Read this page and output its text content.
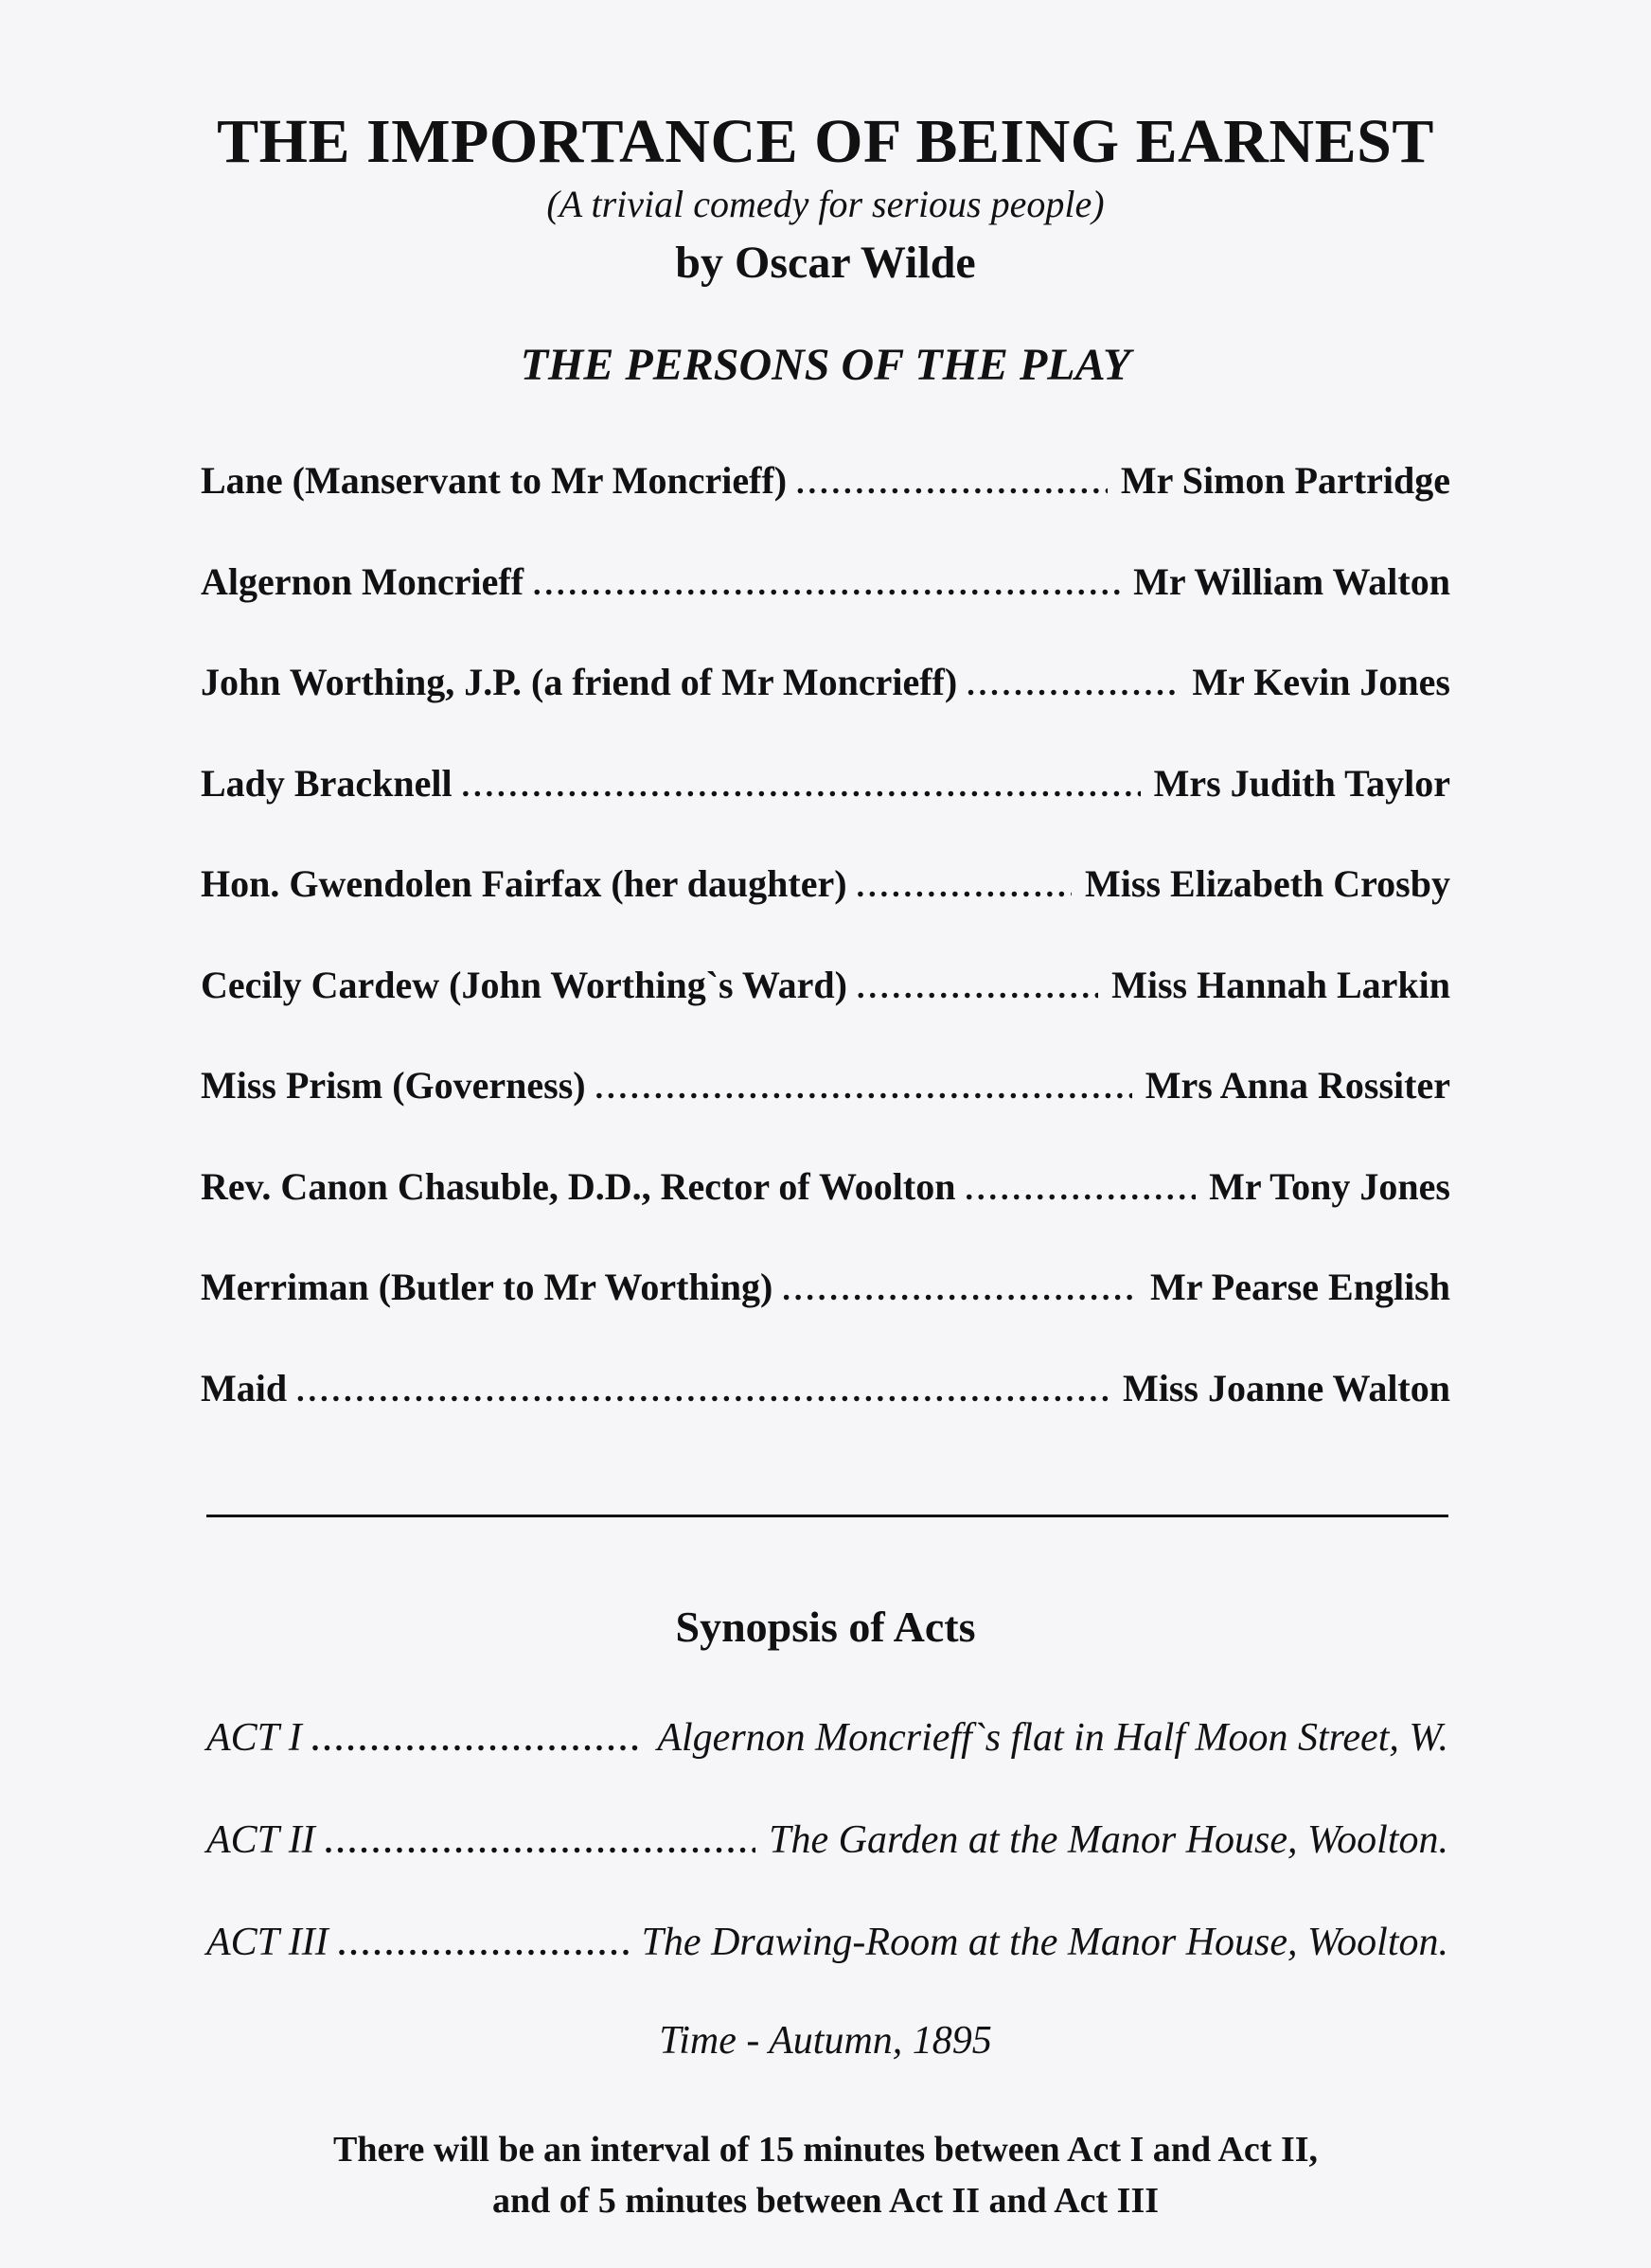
THE IMPORTANCE OF BEING EARNEST
(A trivial comedy for serious people)
by Oscar Wilde
THE PERSONS OF THE PLAY
Lane (Manservant to Mr Moncrieff) .....	Mr Simon Partridge
Algernon Moncrieff .....	Mr William Walton
John Worthing, J.P. (a friend of Mr Moncrieff) .....	Mr Kevin Jones
Lady Bracknell .....	Mrs Judith Taylor
Hon. Gwendolen Fairfax (her daughter) .....	Miss Elizabeth Crosby
Cecily Cardew (John Worthing`s Ward) .....	Miss Hannah Larkin
Miss Prism (Governess) .....	Mrs Anna Rossiter
Rev. Canon Chasuble, D.D., Rector of Woolton .....	Mr Tony Jones
Merriman (Butler to Mr Worthing) .....	Mr Pearse English
Maid .....	Miss Joanne Walton
Synopsis of Acts
ACT I .....	Algernon Moncrieff`s flat in Half Moon Street, W.
ACT II .....	The Garden at the Manor House, Woolton.
ACT III .....	The Drawing-Room at the Manor House, Woolton.
Time - Autumn, 1895
There will be an interval of 15 minutes between Act I and Act II,
and of 5 minutes between Act II and Act III
